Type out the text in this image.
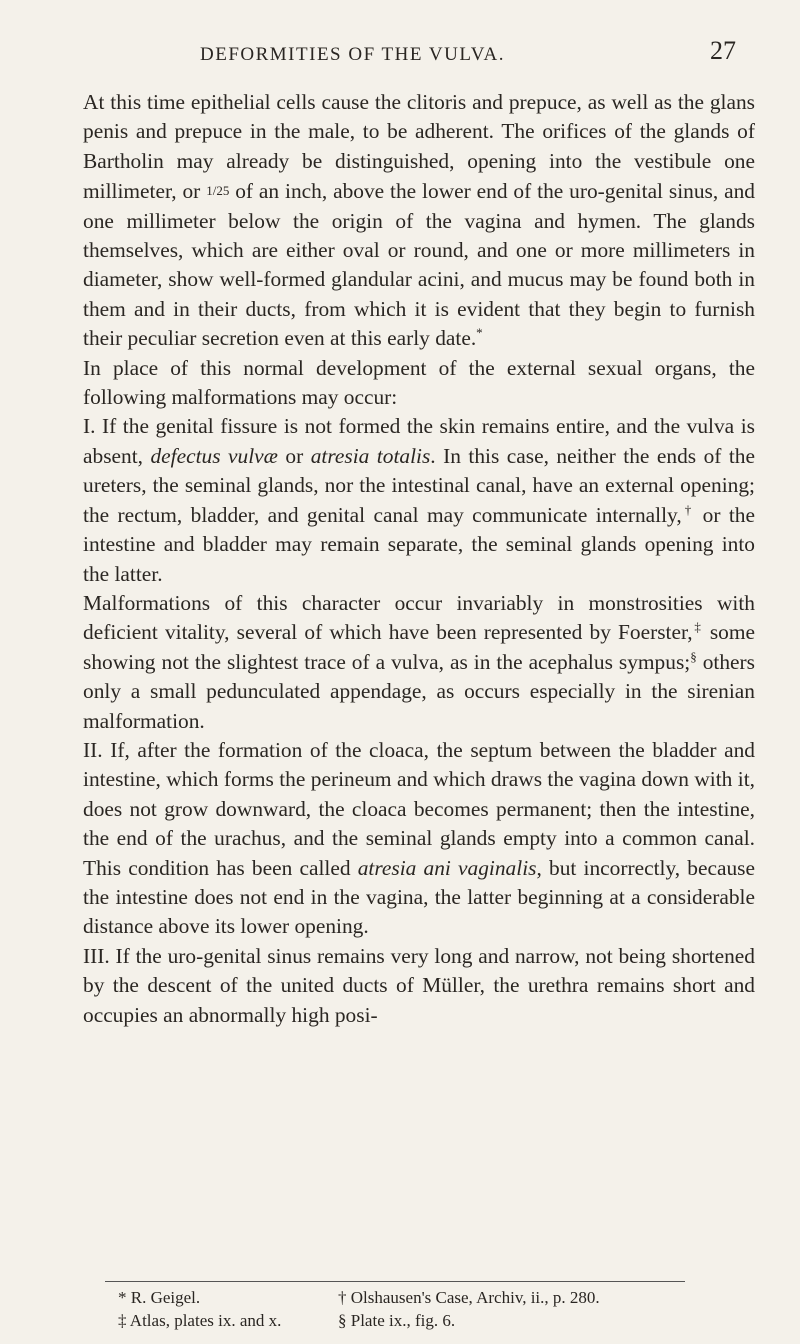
DEFORMITIES OF THE VULVA.	27

At this time epithelial cells cause the clitoris and prepuce, as well as the glans penis and prepuce in the male, to be adherent. The orifices of the glands of Bartholin may already be distinguished, opening into the vestibule one millimeter, or 1/25 of an inch, above the lower end of the uro-genital sinus, and one millimeter below the origin of the vagina and hymen. The glands themselves, which are either oval or round, and one or more millimeters in diameter, show well-formed glandular acini, and mucus may be found both in them and in their ducts, from which it is evident that they begin to furnish their peculiar secretion even at this early date.*

In place of this normal development of the external sexual organs, the following malformations may occur:

I. If the genital fissure is not formed the skin remains entire, and the vulva is absent, defectus vulvæ or atresia totalis. In this case, neither the ends of the ureters, the seminal glands, nor the intestinal canal, have an external opening; the rectum, bladder, and genital canal may communicate internally,† or the intestine and bladder may remain separate, the seminal glands opening into the latter.

Malformations of this character occur invariably in monstrosities with deficient vitality, several of which have been represented by Foerster,‡ some showing not the slightest trace of a vulva, as in the acephalus sympus;§ others only a small pedunculated appendage, as occurs especially in the sirenian malformation.

II. If, after the formation of the cloaca, the septum between the bladder and intestine, which forms the perineum and which draws the vagina down with it, does not grow downward, the cloaca becomes permanent; then the intestine, the end of the urachus, and the seminal glands empty into a common canal. This condition has been called atresia ani vaginalis, but incorrectly, because the intestine does not end in the vagina, the latter beginning at a considerable distance above its lower opening.

III. If the uro-genital sinus remains very long and narrow, not being shortened by the descent of the united ducts of Müller, the urethra remains short and occupies an abnormally high posi-

* R. Geigel.	† Olshausen's Case, Archiv, ii., p. 280.
‡ Atlas, plates ix. and x.	§ Plate ix., fig. 6.
